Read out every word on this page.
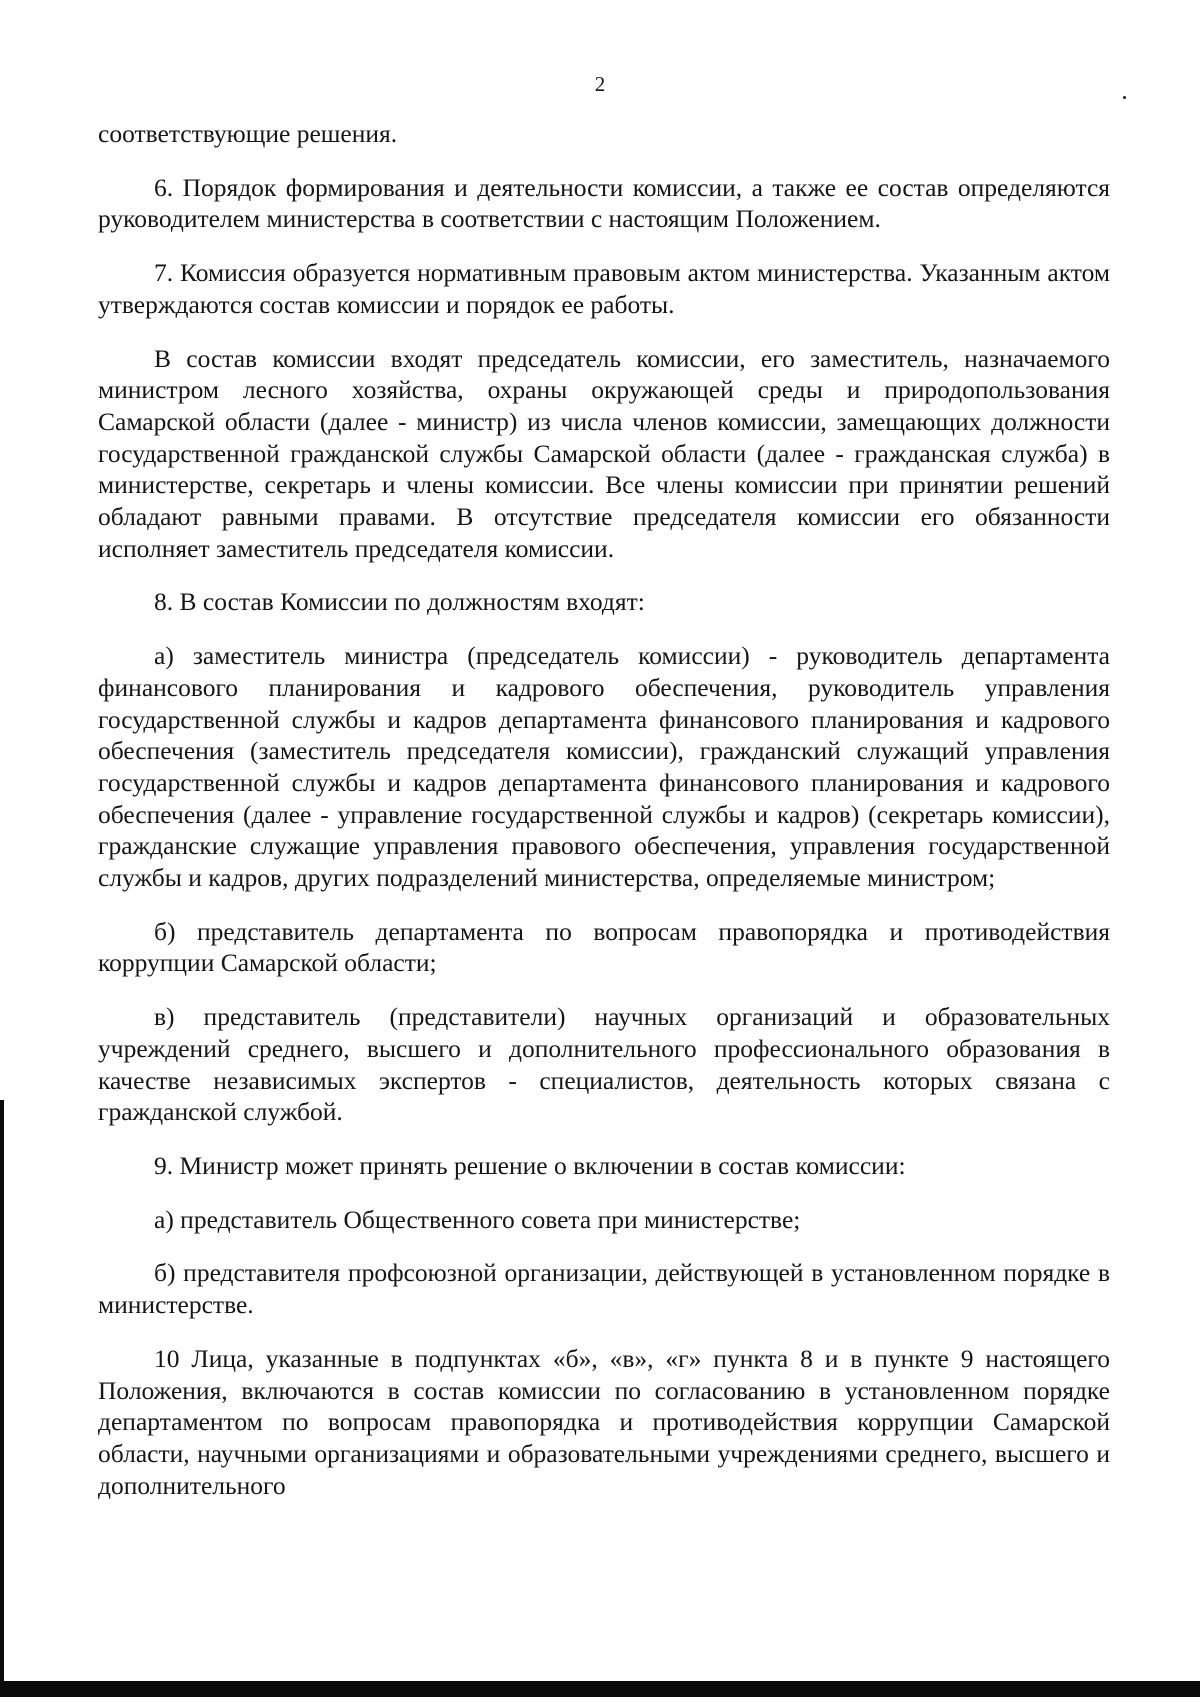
2

соответствующие решения.

6. Порядок формирования и деятельности комиссии, а также ее состав определяются руководителем министерства в соответствии с настоящим Положением.

7. Комиссия образуется нормативным правовым актом министерства. Указанным актом утверждаются состав комиссии и порядок ее работы.

В состав комиссии входят председатель комиссии, его заместитель, назначаемого министром лесного хозяйства, охраны окружающей среды и природопользования Самарской области (далее - министр) из числа членов комиссии, замещающих должности государственной гражданской службы Самарской области (далее - гражданская служба) в министерстве, секретарь и члены комиссии. Все члены комиссии при принятии решений обладают равными правами. В отсутствие председателя комиссии его обязанности исполняет заместитель председателя комиссии.

8. В состав Комиссии по должностям входят:

а) заместитель министра (председатель комиссии) - руководитель департамента финансового планирования и кадрового обеспечения, руководитель управления государственной службы и кадров департамента финансового планирования и кадрового обеспечения (заместитель председателя комиссии), гражданский служащий управления государственной службы и кадров департамента финансового планирования и кадрового обеспечения (далее - управление государственной службы и кадров) (секретарь комиссии), гражданские служащие управления правового обеспечения, управления государственной службы и кадров, других подразделений министерства, определяемые министром;

б) представитель департамента по вопросам правопорядка и противодействия коррупции Самарской области;

в) представитель (представители) научных организаций и образовательных учреждений среднего, высшего и дополнительного профессионального образования в качестве независимых экспертов - специалистов, деятельность которых связана с гражданской службой.

9. Министр может принять решение о включении в состав комиссии:

а) представитель Общественного совета при министерстве;

б) представителя профсоюзной организации, действующей в установленном порядке в министерстве.

10 Лица, указанные в подпунктах «б», «в», «г» пункта 8 и в пункте 9 настоящего Положения, включаются в состав комиссии по согласованию в установленном порядке департаментом по вопросам правопорядка и противодействия коррупции Самарской области, научными организациями и образовательными учреждениями среднего, высшего и дополнительного
